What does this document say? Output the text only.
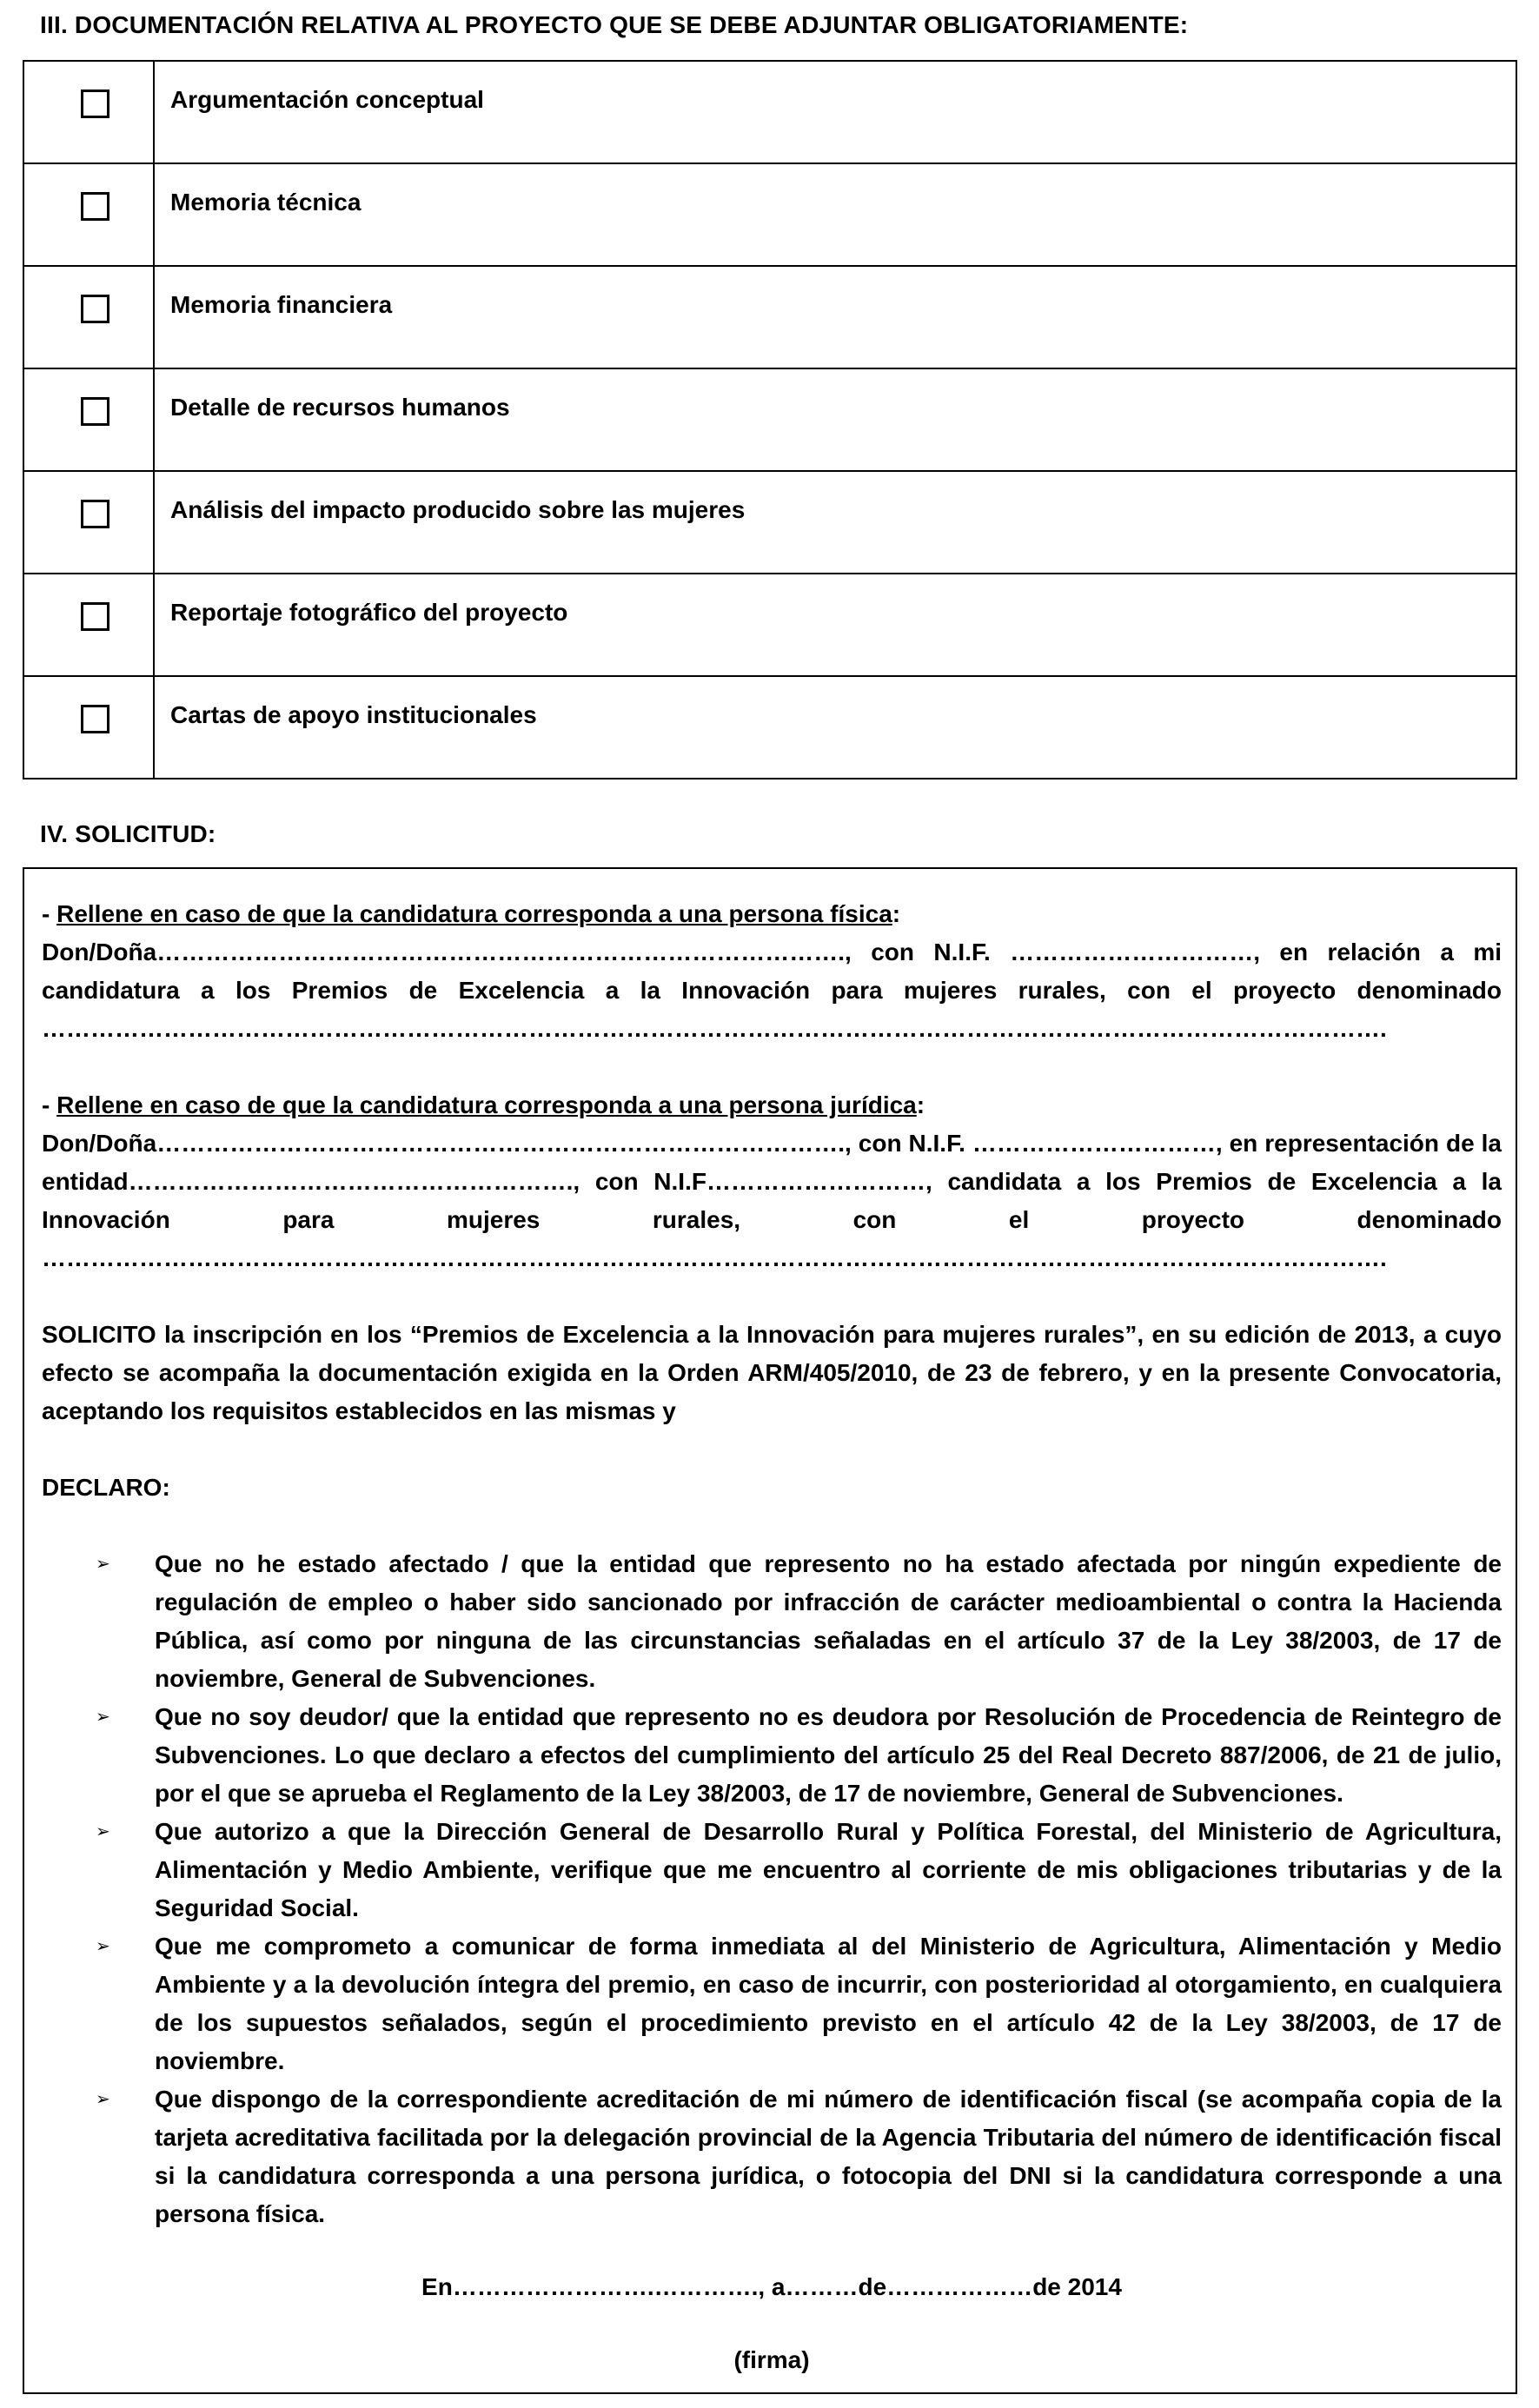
III. DOCUMENTACIÓN RELATIVA AL PROYECTO QUE SE DEBE ADJUNTAR OBLIGATORIAMENTE:
Argumentación conceptual
Memoria técnica
Memoria financiera
Detalle de recursos humanos
Análisis del impacto producido sobre las mujeres
Reportaje fotográfico del proyecto
Cartas de apoyo institucionales
IV. SOLICITUD:

- Rellene en caso de que la candidatura corresponda a una persona física:
Don/Doña…………………………………………………………………………., con N.I.F. …………………………, en relación a mi candidatura a los Premios de Excelencia a la Innovación para mujeres rurales, con el proyecto denominado ………………………………………………………………………………………………………………………………………………….

- Rellene en caso de que la candidatura corresponda a una persona jurídica:
Don/Doña…………………………………………………………………………., con N.I.F. …………………………, en representación de la entidad………………………………………………., con N.I.F………………………, candidata a los Premios de Excelencia a la Innovación para mujeres rurales, con el proyecto denominado ………………………………………………………………………………………………………………………………………………….

SOLICITO la inscripción en los “Premios de Excelencia a la Innovación para mujeres rurales”, en su edición de 2013, a cuyo efecto se acompaña la documentación exigida en la Orden ARM/405/2010, de 23 de febrero, y en la presente Convocatoria, aceptando los requisitos establecidos en las mismas y

DECLARO:

➢ Que no he estado afectado / que la entidad que represento no ha estado afectada por ningún expediente de regulación de empleo o haber sido sancionado por infracción de carácter medioambiental o contra la Hacienda Pública, así como por ninguna de las circunstancias señaladas en el artículo 37 de la Ley 38/2003, de 17 de noviembre, General de Subvenciones.
➢ Que no soy deudor/ que la entidad que represento no es deudora por Resolución de Procedencia de Reintegro de Subvenciones. Lo que declaro a efectos del cumplimiento del artículo 25 del Real Decreto 887/2006, de 21 de julio, por el que se aprueba el Reglamento de la Ley 38/2003, de 17 de noviembre, General de Subvenciones.
➢ Que autorizo a que la Dirección General de Desarrollo Rural y Política Forestal, del Ministerio de Agricultura, Alimentación y Medio Ambiente, verifique que me encuentro al corriente de mis obligaciones tributarias y de la Seguridad Social.
➢ Que me comprometo a comunicar de forma inmediata al del Ministerio de Agricultura, Alimentación y Medio Ambiente y a la devolución íntegra del premio, en caso de incurrir, con posterioridad al otorgamiento, en cualquiera de los supuestos señalados, según el procedimiento previsto en el artículo 42 de la Ley 38/2003, de 17 de noviembre.
➢ Que dispongo de la correspondiente acreditación de mi número de identificación fiscal (se acompaña copia de la tarjeta acreditativa facilitada por la delegación provincial de la Agencia Tributaria del número de identificación fiscal si la candidatura corresponda a una persona jurídica, o fotocopia del DNI si la candidatura corresponde a una persona física.
En…………………….…………., a………de………………de 2014
(firma)
